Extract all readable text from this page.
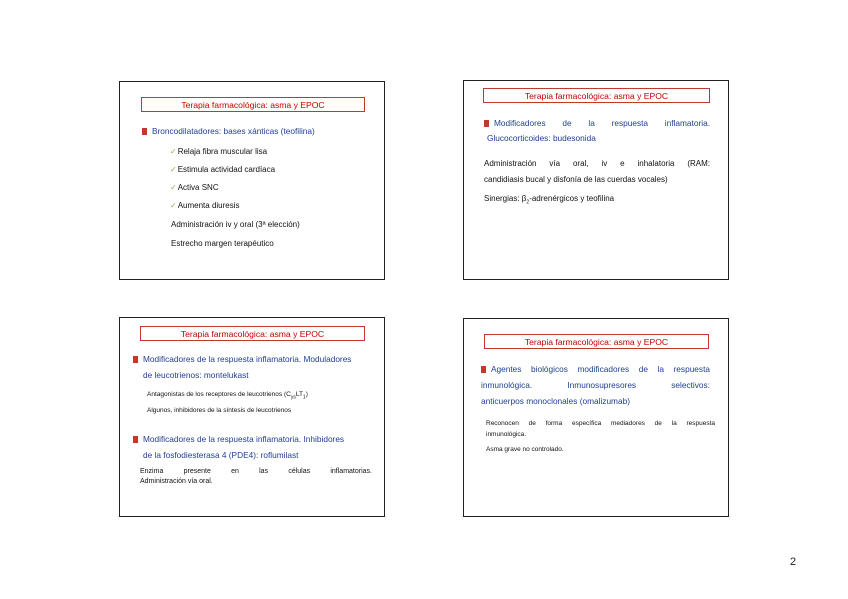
Terapia farmacológica: asma y EPOC
Broncodilatadores: bases xánticas (teofilina)
✓Relaja fibra muscular lisa
✓Estimula actividad cardíaca
✓Activa SNC
✓Aumenta diuresis
Administración iv y oral (3ª elección)
Estrecho margen terapéutico
Terapia farmacológica: asma y EPOC
Modificadores de la respuesta inflamatoria.
Glucocorticoides: budesonida
Administración vía oral, iv e inhalatoria (RAM:
candidiasis bucal y disfonía de las cuerdas vocales)
Sinergias: $\beta_2$-adrenérgicos y teofilina
Terapia farmacológica: asma y EPOC
Modificadores de la respuesta inflamatoria. Moduladores
de leucotrienos: montelukast
Antagonistas de los receptores de leucotrienos $(C_{ys}LT_1)$
Algunos, inhibidores de la síntesis de leucotrienos
Modificadores de la respuesta inflamatoria. Inhibidores
de la fosfodiesterasa 4 (PDE4): roflumilast
Enzima presente en las células inflamatorias.
Administración vía oral.
Terapia farmacológica: asma y EPOC
Agentes biológicos modificadores de la respuesta
inmunológica. Inmunosupresores selectivos:
anticuerpos monoclonales (omalizumab)
Reconocen de forma específica mediadores de la respuesta
inmunológica.
Asma grave no controlado.
2
